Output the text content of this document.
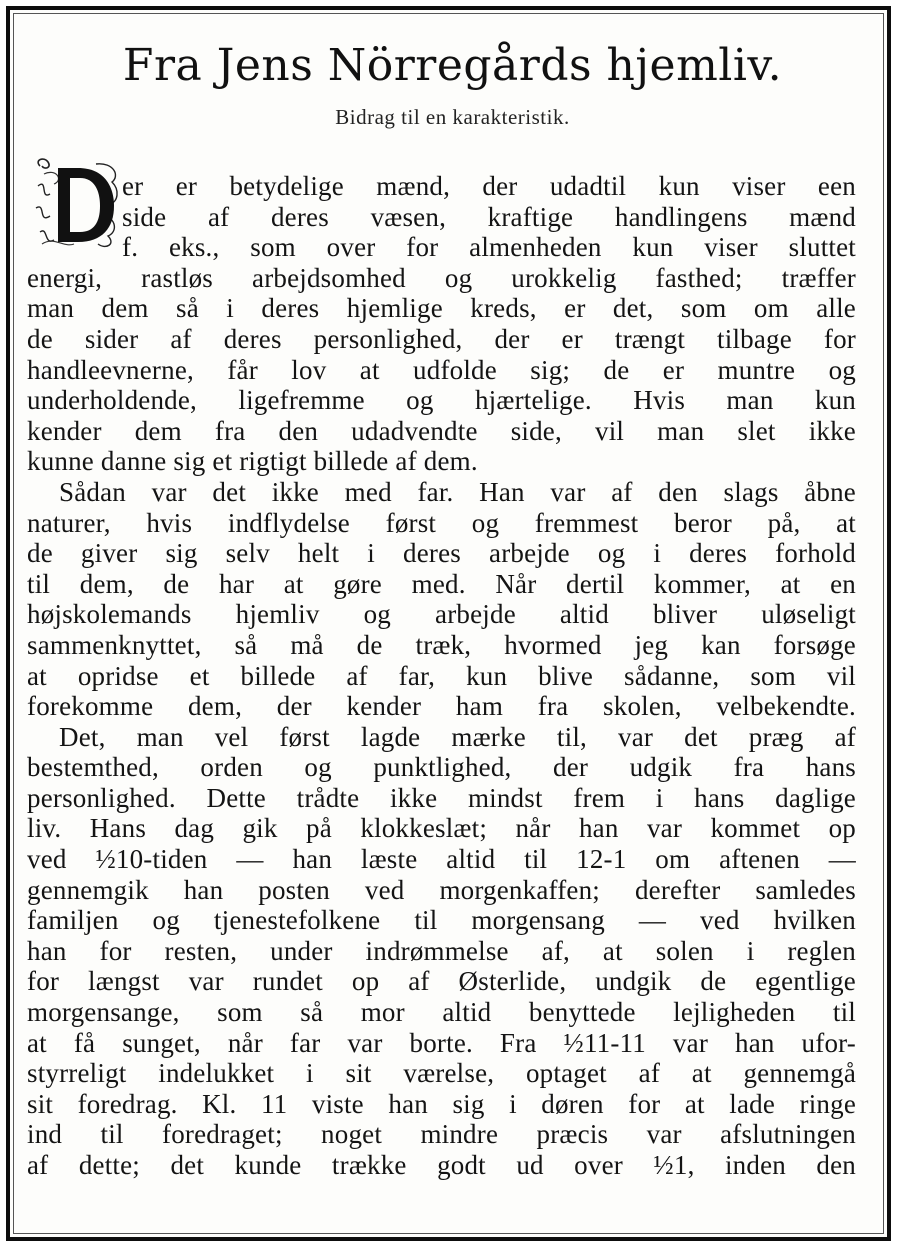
Fra Jens Nörregårds hjemliv.
Bidrag til en karakteristik.
er er betydelige mænd, der udadtil kun viser een
side af deres væsen, kraftige handlingens mænd
f. eks., som over for almenheden kun viser sluttet
energi, rastløs arbejdsomhed og urokkelig fasthed; træffer
man dem så i deres hjemlige kreds, er det, som om alle
de sider af deres personlighed, der er trængt tilbage for
handleevnerne, får lov at udfolde sig; de er muntre og
underholdende, ligefremme og hjærtelige. Hvis man kun
kender dem fra den udadvendte side, vil man slet ikke
kunne danne sig et rigtigt billede af dem.
Sådan var det ikke med far. Han var af den slags åbne
naturer, hvis indflydelse først og fremmest beror på, at
de giver sig selv helt i deres arbejde og i deres forhold
til dem, de har at gøre med. Når dertil kommer, at en
højskolemands hjemliv og arbejde altid bliver uløseligt
sammenknyttet, så må de træk, hvormed jeg kan forsøge
at opridse et billede af far, kun blive sådanne, som vil
forekomme dem, der kender ham fra skolen, velbekendte.
Det, man vel først lagde mærke til, var det præg af
bestemthed, orden og punktlighed, der udgik fra hans
personlighed. Dette trådte ikke mindst frem i hans daglige
liv. Hans dag gik på klokkeslæt; når han var kommet op
ved ½10-tiden — han læste altid til 12-1 om aftenen —
gennemgik han posten ved morgenkaffen; derefter samledes
familjen og tjenestefolkene til morgensang — ved hvilken
han for resten, under indrømmelse af, at solen i reglen
for længst var rundet op af Østerlide, undgik de egentlige
morgensange, som så mor altid benyttede lejligheden til
at få sunget, når far var borte. Fra ½11-11 var han ufor-
styrreligt indelukket i sit værelse, optaget af at gennemgå
sit foredrag. Kl. 11 viste han sig i døren for at lade ringe
ind til foredraget; noget mindre præcis var afslutningen
af dette; det kunde trække godt ud over ½1, inden den
